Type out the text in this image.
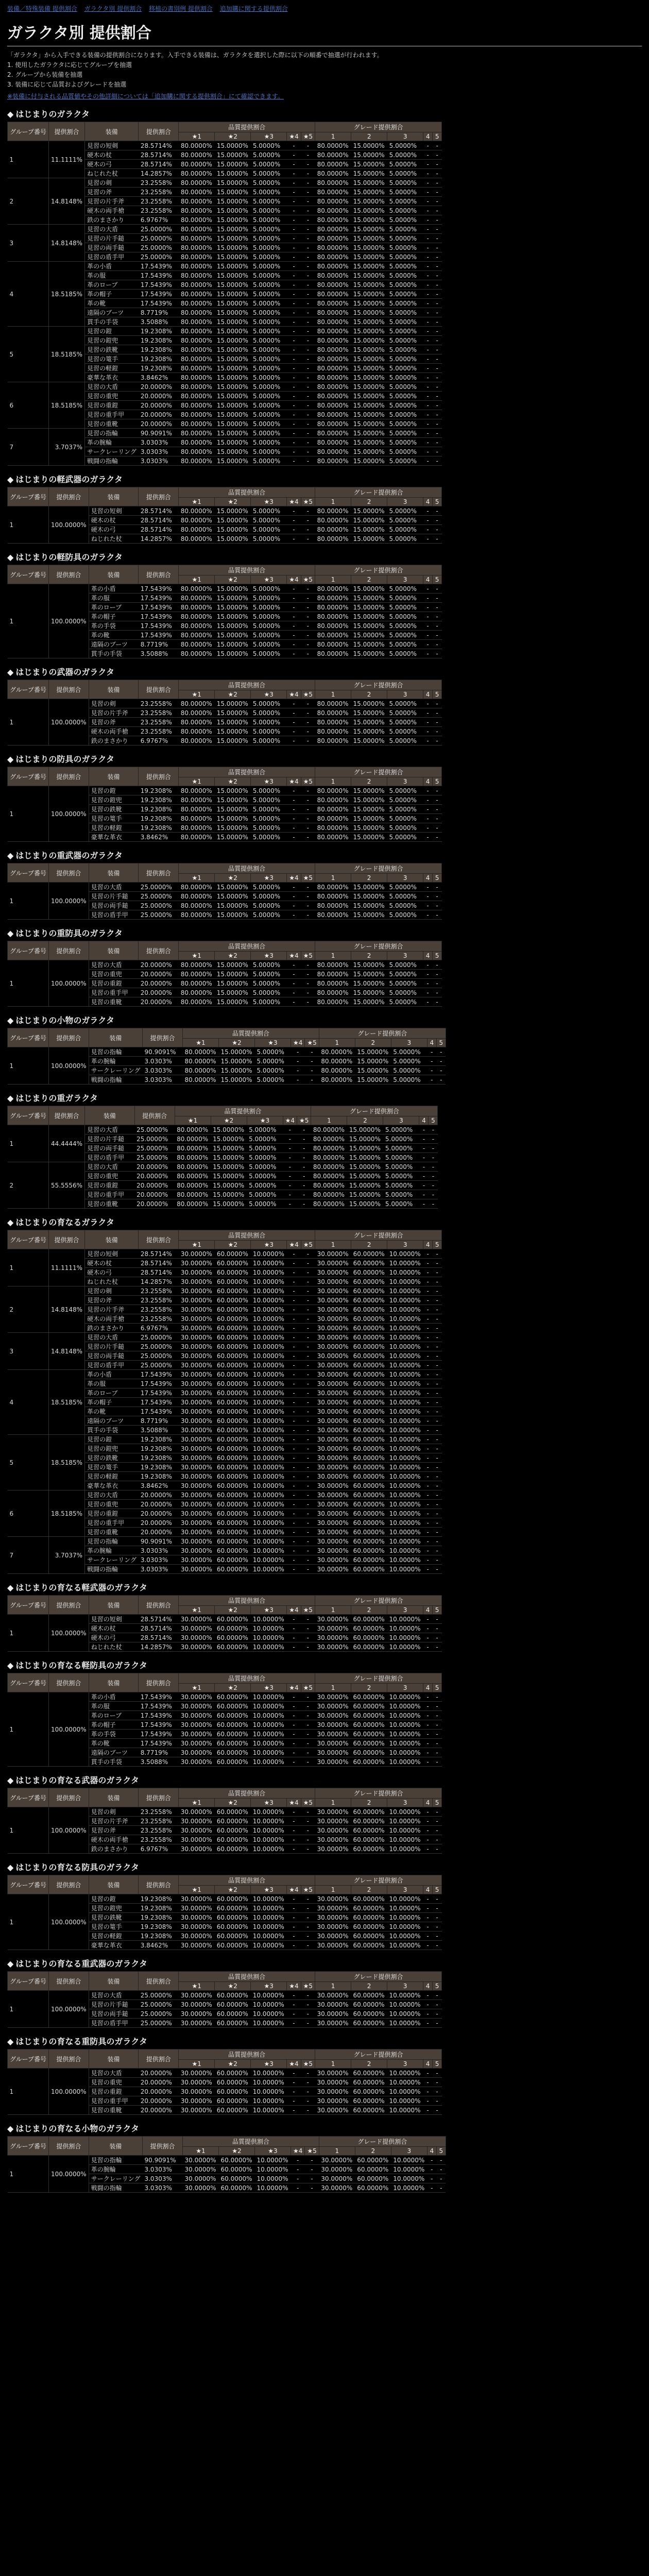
装備／特殊装備 提供割合 ガラクタ別 提供割合 移植の書別例 提供割合 追加購に関する提供割合
ガラクタ別 提供割合

「ガラクタ」から入手できる装備の提供割合になります。入手できる装備は、ガラクタを選択した際に以下の順番で抽選が行われます。

1. 使用したガラクタに応じてグループを抽選

2. グループから装備を抽選

3. 装備に応じて品質およびグレードを抽選

※装備に付与される品質値やその他詳細については「追加購に関する提供割合」にて確認できます。
◆ はじまりのガラクタ
グループ番号	提供割合	装備	提供割合	品質提供割合					グレード提供割合				
				★1	★2	★3	★4	★5	1	2	3	4	5
1	11.1111%	見習の短剣	28.5714%	80.0000%	15.0000%	5.0000%	-	-	80.0000%	15.0000%	5.0000%	-	-
		硬木の杖	28.5714%	80.0000%	15.0000%	5.0000%	-	-	80.0000%	15.0000%	5.0000%	-	-
		硬木の弓	28.5714%	80.0000%	15.0000%	5.0000%	-	-	80.0000%	15.0000%	5.0000%	-	-
		ねじれた杖	14.2857%	80.0000%	15.0000%	5.0000%	-	-	80.0000%	15.0000%	5.0000%	-	-
2	14.8148%	見習の剣	23.2558%	80.0000%	15.0000%	5.0000%	-	-	80.0000%	15.0000%	5.0000%	-	-
		見習の斧	23.2558%	80.0000%	15.0000%	5.0000%	-	-	80.0000%	15.0000%	5.0000%	-	-
		見習の片手斧	23.2558%	80.0000%	15.0000%	5.0000%	-	-	80.0000%	15.0000%	5.0000%	-	-
		硬木の両手槍	23.2558%	80.0000%	15.0000%	5.0000%	-	-	80.0000%	15.0000%	5.0000%	-	-
		鉄のまさかり	6.9767%	80.0000%	15.0000%	5.0000%	-	-	80.0000%	15.0000%	5.0000%	-	-
3	14.8148%	見習の大盾	25.0000%	80.0000%	15.0000%	5.0000%	-	-	80.0000%	15.0000%	5.0000%	-	-
		見習の片手鎚	25.0000%	80.0000%	15.0000%	5.0000%	-	-	80.0000%	15.0000%	5.0000%	-	-
		見習の両手鎚	25.0000%	80.0000%	15.0000%	5.0000%	-	-	80.0000%	15.0000%	5.0000%	-	-
		見習の盾手甲	25.0000%	80.0000%	15.0000%	5.0000%	-	-	80.0000%	15.0000%	5.0000%	-	-
4	18.5185%	革の小盾	17.5439%	80.0000%	15.0000%	5.0000%	-	-	80.0000%	15.0000%	5.0000%	-	-
		革の服	17.5439%	80.0000%	15.0000%	5.0000%	-	-	80.0000%	15.0000%	5.0000%	-	-
		革のローブ	17.5439%	80.0000%	15.0000%	5.0000%	-	-	80.0000%	15.0000%	5.0000%	-	-
		革の帽子	17.5439%	80.0000%	15.0000%	5.0000%	-	-	80.0000%	15.0000%	5.0000%	-	-
		革の靴	17.5439%	80.0000%	15.0000%	5.0000%	-	-	80.0000%	15.0000%	5.0000%	-	-
		遠隔のブーツ	8.7719%	80.0000%	15.0000%	5.0000%	-	-	80.0000%	15.0000%	5.0000%	-	-
		貫手の手袋	3.5088%	80.0000%	15.0000%	5.0000%	-	-	80.0000%	15.0000%	5.0000%	-	-
5	18.5185%	見習の鎧	19.2308%	80.0000%	15.0000%	5.0000%	-	-	80.0000%	15.0000%	5.0000%	-	-
		見習の鎧兜	19.2308%	80.0000%	15.0000%	5.0000%	-	-	80.0000%	15.0000%	5.0000%	-	-
		見習の鉄靴	19.2308%	80.0000%	15.0000%	5.0000%	-	-	80.0000%	15.0000%	5.0000%	-	-
		見習の篭手	19.2308%	80.0000%	15.0000%	5.0000%	-	-	80.0000%	15.0000%	5.0000%	-	-
		見習の軽鎧	19.2308%	80.0000%	15.0000%	5.0000%	-	-	80.0000%	15.0000%	5.0000%	-	-
		豪華な革衣	3.8462%	80.0000%	15.0000%	5.0000%	-	-	80.0000%	15.0000%	5.0000%	-	-
6	18.5185%	見習の大盾	20.0000%	80.0000%	15.0000%	5.0000%	-	-	80.0000%	15.0000%	5.0000%	-	-
		見習の重兜	20.0000%	80.0000%	15.0000%	5.0000%	-	-	80.0000%	15.0000%	5.0000%	-	-
		見習の重鎧	20.0000%	80.0000%	15.0000%	5.0000%	-	-	80.0000%	15.0000%	5.0000%	-	-
		見習の重手甲	20.0000%	80.0000%	15.0000%	5.0000%	-	-	80.0000%	15.0000%	5.0000%	-	-
		見習の重靴	20.0000%	80.0000%	15.0000%	5.0000%	-	-	80.0000%	15.0000%	5.0000%	-	-
7	3.7037%	見習の指輪	90.9091%	80.0000%	15.0000%	5.0000%	-	-	80.0000%	15.0000%	5.0000%	-	-
		革の腕輪	3.0303%	80.0000%	15.0000%	5.0000%	-	-	80.0000%	15.0000%	5.0000%	-	-
		サークレーリング	3.0303%	80.0000%	15.0000%	5.0000%	-	-	80.0000%	15.0000%	5.0000%	-	-
		戦闘の指輪	3.0303%	80.0000%	15.0000%	5.0000%	-	-	80.0000%	15.0000%	5.0000%	-	-
◆ はじまりの軽武器のガラクタ
グループ番号	提供割合	装備	提供割合	品質提供割合					グレード提供割合				
				★1	★2	★3	★4	★5	1	2	3	4	5
1	100.0000%	見習の短剣	28.5714%	80.0000%	15.0000%	5.0000%	-	-	80.0000%	15.0000%	5.0000%	-	-
		硬木の杖	28.5714%	80.0000%	15.0000%	5.0000%	-	-	80.0000%	15.0000%	5.0000%	-	-
		硬木の弓	28.5714%	80.0000%	15.0000%	5.0000%	-	-	80.0000%	15.0000%	5.0000%	-	-
		ねじれた杖	14.2857%	80.0000%	15.0000%	5.0000%	-	-	80.0000%	15.0000%	5.0000%	-	-
◆ はじまりの軽防具のガラクタ
グループ番号	提供割合	装備	提供割合	品質提供割合					グレード提供割合				
				★1	★2	★3	★4	★5	1	2	3	4	5
1	100.0000%	革の小盾	17.5439%	80.0000%	15.0000%	5.0000%	-	-	80.0000%	15.0000%	5.0000%	-	-
		革の服	17.5439%	80.0000%	15.0000%	5.0000%	-	-	80.0000%	15.0000%	5.0000%	-	-
		革のローブ	17.5439%	80.0000%	15.0000%	5.0000%	-	-	80.0000%	15.0000%	5.0000%	-	-
		革の帽子	17.5439%	80.0000%	15.0000%	5.0000%	-	-	80.0000%	15.0000%	5.0000%	-	-
		革の手袋	17.5439%	80.0000%	15.0000%	5.0000%	-	-	80.0000%	15.0000%	5.0000%	-	-
		革の靴	17.5439%	80.0000%	15.0000%	5.0000%	-	-	80.0000%	15.0000%	5.0000%	-	-
		遠隔のブーツ	8.7719%	80.0000%	15.0000%	5.0000%	-	-	80.0000%	15.0000%	5.0000%	-	-
		貫手の手袋	3.5088%	80.0000%	15.0000%	5.0000%	-	-	80.0000%	15.0000%	5.0000%	-	-
◆ はじまりの武器のガラクタ
グループ番号	提供割合	装備	提供割合	品質提供割合					グレード提供割合				
				★1	★2	★3	★4	★5	1	2	3	4	5
1	100.0000%	見習の剣	23.2558%	80.0000%	15.0000%	5.0000%	-	-	80.0000%	15.0000%	5.0000%	-	-
		見習の片手斧	23.2558%	80.0000%	15.0000%	5.0000%	-	-	80.0000%	15.0000%	5.0000%	-	-
		見習の斧	23.2558%	80.0000%	15.0000%	5.0000%	-	-	80.0000%	15.0000%	5.0000%	-	-
		硬木の両手槍	23.2558%	80.0000%	15.0000%	5.0000%	-	-	80.0000%	15.0000%	5.0000%	-	-
		鉄のまさかり	6.9767%	80.0000%	15.0000%	5.0000%	-	-	80.0000%	15.0000%	5.0000%	-	-
◆ はじまりの防具のガラクタ
グループ番号	提供割合	装備	提供割合	品質提供割合					グレード提供割合				
				★1	★2	★3	★4	★5	1	2	3	4	5
1	100.0000%	見習の鎧	19.2308%	80.0000%	15.0000%	5.0000%	-	-	80.0000%	15.0000%	5.0000%	-	-
		見習の鎧兜	19.2308%	80.0000%	15.0000%	5.0000%	-	-	80.0000%	15.0000%	5.0000%	-	-
		見習の鉄靴	19.2308%	80.0000%	15.0000%	5.0000%	-	-	80.0000%	15.0000%	5.0000%	-	-
		見習の篭手	19.2308%	80.0000%	15.0000%	5.0000%	-	-	80.0000%	15.0000%	5.0000%	-	-
		見習の軽鎧	19.2308%	80.0000%	15.0000%	5.0000%	-	-	80.0000%	15.0000%	5.0000%	-	-
		豪華な革衣	3.8462%	80.0000%	15.0000%	5.0000%	-	-	80.0000%	15.0000%	5.0000%	-	-
◆ はじまりの重武器のガラクタ
グループ番号	提供割合	装備	提供割合	品質提供割合					グレード提供割合				
				★1	★2	★3	★4	★5	1	2	3	4	5
1	100.0000%	見習の大盾	25.0000%	80.0000%	15.0000%	5.0000%	-	-	80.0000%	15.0000%	5.0000%	-	-
		見習の片手鎚	25.0000%	80.0000%	15.0000%	5.0000%	-	-	80.0000%	15.0000%	5.0000%	-	-
		見習の両手鎚	25.0000%	80.0000%	15.0000%	5.0000%	-	-	80.0000%	15.0000%	5.0000%	-	-
		見習の盾手甲	25.0000%	80.0000%	15.0000%	5.0000%	-	-	80.0000%	15.0000%	5.0000%	-	-
◆ はじまりの重防具のガラクタ
グループ番号	提供割合	装備	提供割合	品質提供割合					グレード提供割合				
				★1	★2	★3	★4	★5	1	2	3	4	5
1	100.0000%	見習の大盾	20.0000%	80.0000%	15.0000%	5.0000%	-	-	80.0000%	15.0000%	5.0000%	-	-
		見習の重兜	20.0000%	80.0000%	15.0000%	5.0000%	-	-	80.0000%	15.0000%	5.0000%	-	-
		見習の重鎧	20.0000%	80.0000%	15.0000%	5.0000%	-	-	80.0000%	15.0000%	5.0000%	-	-
		見習の重手甲	20.0000%	80.0000%	15.0000%	5.0000%	-	-	80.0000%	15.0000%	5.0000%	-	-
		見習の重靴	20.0000%	80.0000%	15.0000%	5.0000%	-	-	80.0000%	15.0000%	5.0000%	-	-
◆ はじまりの小物のガラクタ
グループ番号	提供割合	装備	提供割合	品質提供割合					グレード提供割合				
				★1	★2	★3	★4	★5	1	2	3	4	5
1	100.0000%	見習の指輪	90.9091%	80.0000%	15.0000%	5.0000%	-	-	80.0000%	15.0000%	5.0000%	-	-
		革の腕輪	3.0303%	80.0000%	15.0000%	5.0000%	-	-	80.0000%	15.0000%	5.0000%	-	-
		サークレーリング	3.0303%	80.0000%	15.0000%	5.0000%	-	-	80.0000%	15.0000%	5.0000%	-	-
		戦闘の指輪	3.0303%	80.0000%	15.0000%	5.0000%	-	-	80.0000%	15.0000%	5.0000%	-	-
◆ はじまりの重ガラクタ
グループ番号	提供割合	装備	提供割合	品質提供割合					グレード提供割合				
				★1	★2	★3	★4	★5	1	2	3	4	5
1	44.4444%	見習の大盾	25.0000%	80.0000%	15.0000%	5.0000%	-	-	80.0000%	15.0000%	5.0000%	-	-
		見習の片手鎚	25.0000%	80.0000%	15.0000%	5.0000%	-	-	80.0000%	15.0000%	5.0000%	-	-
		見習の両手鎚	25.0000%	80.0000%	15.0000%	5.0000%	-	-	80.0000%	15.0000%	5.0000%	-	-
		見習の盾手甲	25.0000%	80.0000%	15.0000%	5.0000%	-	-	80.0000%	15.0000%	5.0000%	-	-
2	55.5556%	見習の大盾	20.0000%	80.0000%	15.0000%	5.0000%	-	-	80.0000%	15.0000%	5.0000%	-	-
		見習の重兜	20.0000%	80.0000%	15.0000%	5.0000%	-	-	80.0000%	15.0000%	5.0000%	-	-
		見習の重鎧	20.0000%	80.0000%	15.0000%	5.0000%	-	-	80.0000%	15.0000%	5.0000%	-	-
		見習の重手甲	20.0000%	80.0000%	15.0000%	5.0000%	-	-	80.0000%	15.0000%	5.0000%	-	-
		見習の重靴	20.0000%	80.0000%	15.0000%	5.0000%	-	-	80.0000%	15.0000%	5.0000%	-	-
◆ はじまりの育なるガラクタ
グループ番号	提供割合	装備	提供割合	品質提供割合					グレード提供割合				
				★1	★2	★3	★4	★5	1	2	3	4	5
1	11.1111%	見習の短剣	28.5714%	30.0000%	60.0000%	10.0000%	-	-	30.0000%	60.0000%	10.0000%	-	-
		硬木の杖	28.5714%	30.0000%	60.0000%	10.0000%	-	-	30.0000%	60.0000%	10.0000%	-	-
		硬木の弓	28.5714%	30.0000%	60.0000%	10.0000%	-	-	30.0000%	60.0000%	10.0000%	-	-
		ねじれた杖	14.2857%	30.0000%	60.0000%	10.0000%	-	-	30.0000%	60.0000%	10.0000%	-	-
2	14.8148%	見習の剣	23.2558%	30.0000%	60.0000%	10.0000%	-	-	30.0000%	60.0000%	10.0000%	-	-
		見習の斧	23.2558%	30.0000%	60.0000%	10.0000%	-	-	30.0000%	60.0000%	10.0000%	-	-
		見習の片手斧	23.2558%	30.0000%	60.0000%	10.0000%	-	-	30.0000%	60.0000%	10.0000%	-	-
		硬木の両手槍	23.2558%	30.0000%	60.0000%	10.0000%	-	-	30.0000%	60.0000%	10.0000%	-	-
		鉄のまさかり	6.9767%	30.0000%	60.0000%	10.0000%	-	-	30.0000%	60.0000%	10.0000%	-	-
3	14.8148%	見習の大盾	25.0000%	30.0000%	60.0000%	10.0000%	-	-	30.0000%	60.0000%	10.0000%	-	-
		見習の片手鎚	25.0000%	30.0000%	60.0000%	10.0000%	-	-	30.0000%	60.0000%	10.0000%	-	-
		見習の両手鎚	25.0000%	30.0000%	60.0000%	10.0000%	-	-	30.0000%	60.0000%	10.0000%	-	-
		見習の盾手甲	25.0000%	30.0000%	60.0000%	10.0000%	-	-	30.0000%	60.0000%	10.0000%	-	-
4	18.5185%	革の小盾	17.5439%	30.0000%	60.0000%	10.0000%	-	-	30.0000%	60.0000%	10.0000%	-	-
		革の服	17.5439%	30.0000%	60.0000%	10.0000%	-	-	30.0000%	60.0000%	10.0000%	-	-
		革のローブ	17.5439%	30.0000%	60.0000%	10.0000%	-	-	30.0000%	60.0000%	10.0000%	-	-
		革の帽子	17.5439%	30.0000%	60.0000%	10.0000%	-	-	30.0000%	60.0000%	10.0000%	-	-
		革の靴	17.5439%	30.0000%	60.0000%	10.0000%	-	-	30.0000%	60.0000%	10.0000%	-	-
		遠隔のブーツ	8.7719%	30.0000%	60.0000%	10.0000%	-	-	30.0000%	60.0000%	10.0000%	-	-
		貫手の手袋	3.5088%	30.0000%	60.0000%	10.0000%	-	-	30.0000%	60.0000%	10.0000%	-	-
5	18.5185%	見習の鎧	19.2308%	30.0000%	60.0000%	10.0000%	-	-	30.0000%	60.0000%	10.0000%	-	-
		見習の鎧兜	19.2308%	30.0000%	60.0000%	10.0000%	-	-	30.0000%	60.0000%	10.0000%	-	-
		見習の鉄靴	19.2308%	30.0000%	60.0000%	10.0000%	-	-	30.0000%	60.0000%	10.0000%	-	-
		見習の篭手	19.2308%	30.0000%	60.0000%	10.0000%	-	-	30.0000%	60.0000%	10.0000%	-	-
		見習の軽鎧	19.2308%	30.0000%	60.0000%	10.0000%	-	-	30.0000%	60.0000%	10.0000%	-	-
		豪華な革衣	3.8462%	30.0000%	60.0000%	10.0000%	-	-	30.0000%	60.0000%	10.0000%	-	-
6	18.5185%	見習の大盾	20.0000%	30.0000%	60.0000%	10.0000%	-	-	30.0000%	60.0000%	10.0000%	-	-
		見習の重兜	20.0000%	30.0000%	60.0000%	10.0000%	-	-	30.0000%	60.0000%	10.0000%	-	-
		見習の重鎧	20.0000%	30.0000%	60.0000%	10.0000%	-	-	30.0000%	60.0000%	10.0000%	-	-
		見習の重手甲	20.0000%	30.0000%	60.0000%	10.0000%	-	-	30.0000%	60.0000%	10.0000%	-	-
		見習の重靴	20.0000%	30.0000%	60.0000%	10.0000%	-	-	30.0000%	60.0000%	10.0000%	-	-
7	3.7037%	見習の指輪	90.9091%	30.0000%	60.0000%	10.0000%	-	-	30.0000%	60.0000%	10.0000%	-	-
		革の腕輪	3.0303%	30.0000%	60.0000%	10.0000%	-	-	30.0000%	60.0000%	10.0000%	-	-
		サークレーリング	3.0303%	30.0000%	60.0000%	10.0000%	-	-	30.0000%	60.0000%	10.0000%	-	-
		戦闘の指輪	3.0303%	30.0000%	60.0000%	10.0000%	-	-	30.0000%	60.0000%	10.0000%	-	-
◆ はじまりの育なる軽武器のガラクタ
グループ番号	提供割合	装備	提供割合	品質提供割合					グレード提供割合				
				★1	★2	★3	★4	★5	1	2	3	4	5
1	100.0000%	見習の短剣	28.5714%	30.0000%	60.0000%	10.0000%	-	-	30.0000%	60.0000%	10.0000%	-	-
		硬木の杖	28.5714%	30.0000%	60.0000%	10.0000%	-	-	30.0000%	60.0000%	10.0000%	-	-
		硬木の弓	28.5714%	30.0000%	60.0000%	10.0000%	-	-	30.0000%	60.0000%	10.0000%	-	-
		ねじれた杖	14.2857%	30.0000%	60.0000%	10.0000%	-	-	30.0000%	60.0000%	10.0000%	-	-
◆ はじまりの育なる軽防具のガラクタ
グループ番号	提供割合	装備	提供割合	品質提供割合					グレード提供割合				
				★1	★2	★3	★4	★5	1	2	3	4	5
1	100.0000%	革の小盾	17.5439%	30.0000%	60.0000%	10.0000%	-	-	30.0000%	60.0000%	10.0000%	-	-
		革の服	17.5439%	30.0000%	60.0000%	10.0000%	-	-	30.0000%	60.0000%	10.0000%	-	-
		革のローブ	17.5439%	30.0000%	60.0000%	10.0000%	-	-	30.0000%	60.0000%	10.0000%	-	-
		革の帽子	17.5439%	30.0000%	60.0000%	10.0000%	-	-	30.0000%	60.0000%	10.0000%	-	-
		革の手袋	17.5439%	30.0000%	60.0000%	10.0000%	-	-	30.0000%	60.0000%	10.0000%	-	-
		革の靴	17.5439%	30.0000%	60.0000%	10.0000%	-	-	30.0000%	60.0000%	10.0000%	-	-
		遠隔のブーツ	8.7719%	30.0000%	60.0000%	10.0000%	-	-	30.0000%	60.0000%	10.0000%	-	-
		貫手の手袋	3.5088%	30.0000%	60.0000%	10.0000%	-	-	30.0000%	60.0000%	10.0000%	-	-
◆ はじまりの育なる武器のガラクタ
グループ番号	提供割合	装備	提供割合	品質提供割合					グレード提供割合				
				★1	★2	★3	★4	★5	1	2	3	4	5
1	100.0000%	見習の剣	23.2558%	30.0000%	60.0000%	10.0000%	-	-	30.0000%	60.0000%	10.0000%	-	-
		見習の片手斧	23.2558%	30.0000%	60.0000%	10.0000%	-	-	30.0000%	60.0000%	10.0000%	-	-
		見習の斧	23.2558%	30.0000%	60.0000%	10.0000%	-	-	30.0000%	60.0000%	10.0000%	-	-
		硬木の両手槍	23.2558%	30.0000%	60.0000%	10.0000%	-	-	30.0000%	60.0000%	10.0000%	-	-
		鉄のまさかり	6.9767%	30.0000%	60.0000%	10.0000%	-	-	30.0000%	60.0000%	10.0000%	-	-
◆ はじまりの育なる防具のガラクタ
グループ番号	提供割合	装備	提供割合	品質提供割合					グレード提供割合				
				★1	★2	★3	★4	★5	1	2	3	4	5
1	100.0000%	見習の鎧	19.2308%	30.0000%	60.0000%	10.0000%	-	-	30.0000%	60.0000%	10.0000%	-	-
		見習の鎧兜	19.2308%	30.0000%	60.0000%	10.0000%	-	-	30.0000%	60.0000%	10.0000%	-	-
		見習の鉄靴	19.2308%	30.0000%	60.0000%	10.0000%	-	-	30.0000%	60.0000%	10.0000%	-	-
		見習の篭手	19.2308%	30.0000%	60.0000%	10.0000%	-	-	30.0000%	60.0000%	10.0000%	-	-
		見習の軽鎧	19.2308%	30.0000%	60.0000%	10.0000%	-	-	30.0000%	60.0000%	10.0000%	-	-
		豪華な革衣	3.8462%	30.0000%	60.0000%	10.0000%	-	-	30.0000%	60.0000%	10.0000%	-	-
◆ はじまりの育なる重武器のガラクタ
グループ番号	提供割合	装備	提供割合	品質提供割合					グレード提供割合				
				★1	★2	★3	★4	★5	1	2	3	4	5
1	100.0000%	見習の大盾	25.0000%	30.0000%	60.0000%	10.0000%	-	-	30.0000%	60.0000%	10.0000%	-	-
		見習の片手鎚	25.0000%	30.0000%	60.0000%	10.0000%	-	-	30.0000%	60.0000%	10.0000%	-	-
		見習の両手鎚	25.0000%	30.0000%	60.0000%	10.0000%	-	-	30.0000%	60.0000%	10.0000%	-	-
		見習の盾手甲	25.0000%	30.0000%	60.0000%	10.0000%	-	-	30.0000%	60.0000%	10.0000%	-	-
◆ はじまりの育なる重防具のガラクタ
グループ番号	提供割合	装備	提供割合	品質提供割合					グレード提供割合				
				★1	★2	★3	★4	★5	1	2	3	4	5
1	100.0000%	見習の大盾	20.0000%	30.0000%	60.0000%	10.0000%	-	-	30.0000%	60.0000%	10.0000%	-	-
		見習の重兜	20.0000%	30.0000%	60.0000%	10.0000%	-	-	30.0000%	60.0000%	10.0000%	-	-
		見習の重鎧	20.0000%	30.0000%	60.0000%	10.0000%	-	-	30.0000%	60.0000%	10.0000%	-	-
		見習の重手甲	20.0000%	30.0000%	60.0000%	10.0000%	-	-	30.0000%	60.0000%	10.0000%	-	-
		見習の重靴	20.0000%	30.0000%	60.0000%	10.0000%	-	-	30.0000%	60.0000%	10.0000%	-	-
◆ はじまりの育なる小物のガラクタ
グループ番号	提供割合	装備	提供割合	品質提供割合					グレード提供割合				
				★1	★2	★3	★4	★5	1	2	3	4	5
1	100.0000%	見習の指輪	90.9091%	30.0000%	60.0000%	10.0000%	-	-	30.0000%	60.0000%	10.0000%	-	-
		革の腕輪	3.0303%	30.0000%	60.0000%	10.0000%	-	-	30.0000%	60.0000%	10.0000%	-	-
		サークレーリング	3.0303%	30.0000%	60.0000%	10.0000%	-	-	30.0000%	60.0000%	10.0000%	-	-
		戦闘の指輪	3.0303%	30.0000%	60.0000%	10.0000%	-	-	30.0000%	60.0000%	10.0000%	-	-
